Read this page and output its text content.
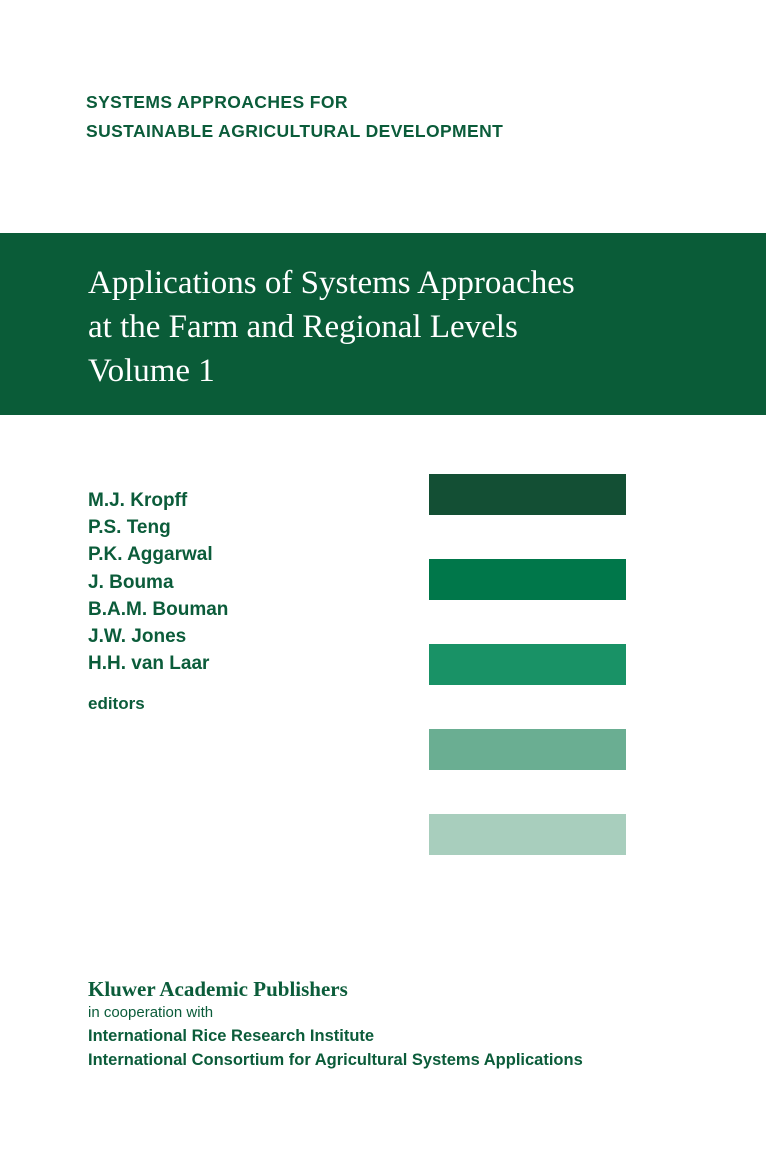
SYSTEMS APPROACHES FOR
SUSTAINABLE AGRICULTURAL DEVELOPMENT
Applications of Systems Approaches
at the Farm and Regional Levels
Volume 1
M.J. Kropff
P.S. Teng
P.K. Aggarwal
J. Bouma
B.A.M. Bouman
J.W. Jones
H.H. van Laar
editors
Kluwer Academic Publishers
in cooperation with
International Rice Research Institute
International Consortium for Agricultural Systems Applications
